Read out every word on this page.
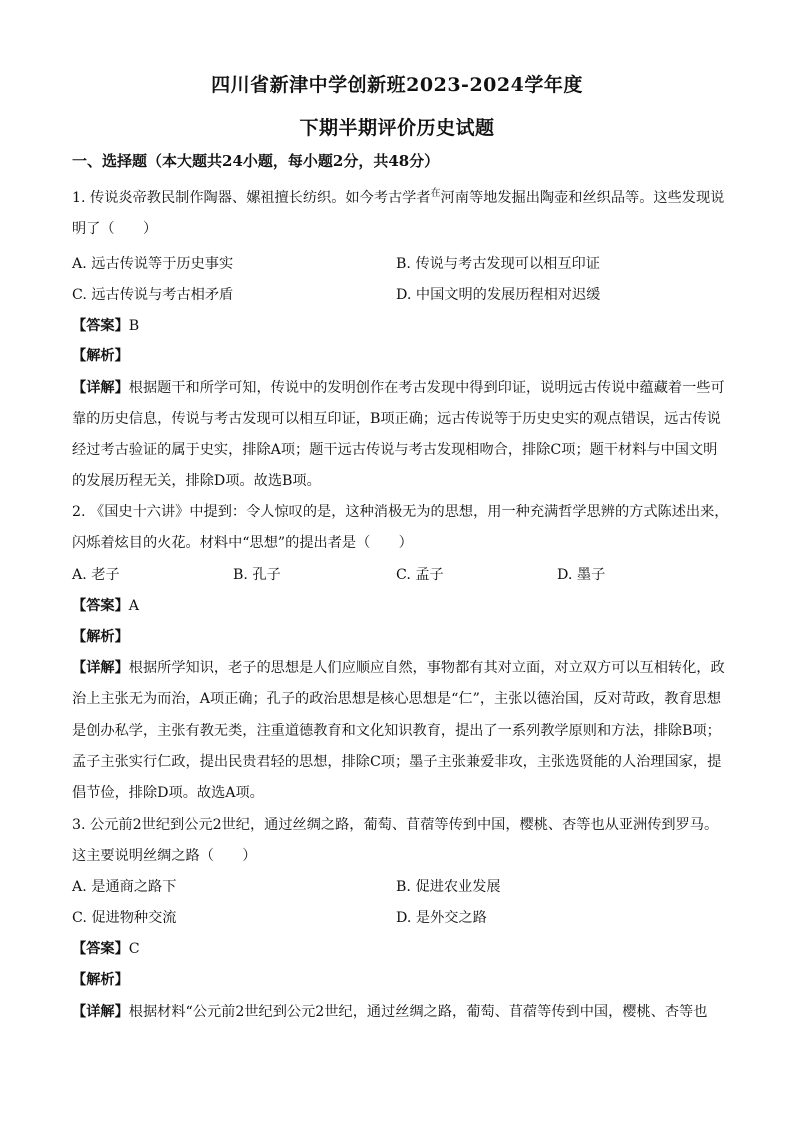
四川省新津中学创新班2023-2024学年度
下期半期评价历史试题
一、选择题（本大题共24小题，每小题2分，共48分）
1. 传说炎帝教民制作陶器、嫘祖擅长纺织。如今考古学者$^在$河南等地发掘出陶壶和丝织品等。这些发现说
明了（　　）
A. 远古传说等于历史事实	B. 传说与考古发现可以相互印证
C. 远古传说与考古相矛盾	D. 中国文明的发展历程相对迟缓
【答案】B
【解析】
【详解】根据题干和所学可知，传说中的发明创作在考古发现中得到印证，说明远古传说中蕴藏着一些可
靠的历史信息，传说与考古发现可以相互印证，B项正确；远古传说等于历史史实的观点错误，远古传说
经过考古验证的属于史实，排除A项；题干远古传说与考古发现相吻合，排除C项；题干材料与中国文明
的发展历程无关，排除D项。故选B项。
2. 《国史十六讲》中提到：令人惊叹的是，这种消极无为的思想，用一种充满哲学思辨的方式陈述出来，
闪烁着炫目的火花。材料中“思想”的提出者是（　　）
A. 老子	B. 孔子	C. 孟子	D. 墨子
【答案】A
【解析】
【详解】根据所学知识，老子的思想是人们应顺应自然，事物都有其对立面，对立双方可以互相转化，政
治上主张无为而治，A项正确；孔子的政治思想是核心思想是“仁”，主张以德治国，反对苛政，教育思想
是创办私学，主张有教无类，注重道德教育和文化知识教育，提出了一系列教学原则和方法，排除B项；
孟子主张实行仁政，提出民贵君轻的思想，排除C项；墨子主张兼爱非攻，主张选贤能的人治理国家，提
倡节俭，排除D项。故选A项。
3. 公元前2世纪到公元2世纪，通过丝绸之路，葡萄、苜蓿等传到中国，樱桃、杏等也从亚洲传到罗马。
这主要说明丝绸之路（　　）
A. 是通商之路下	B. 促进农业发展
C. 促进物种交流	D. 是外交之路
【答案】C
【解析】
【详解】根据材料“公元前2世纪到公元2世纪，通过丝绸之路，葡萄、苜蓿等传到中国，樱桃、杏等也
